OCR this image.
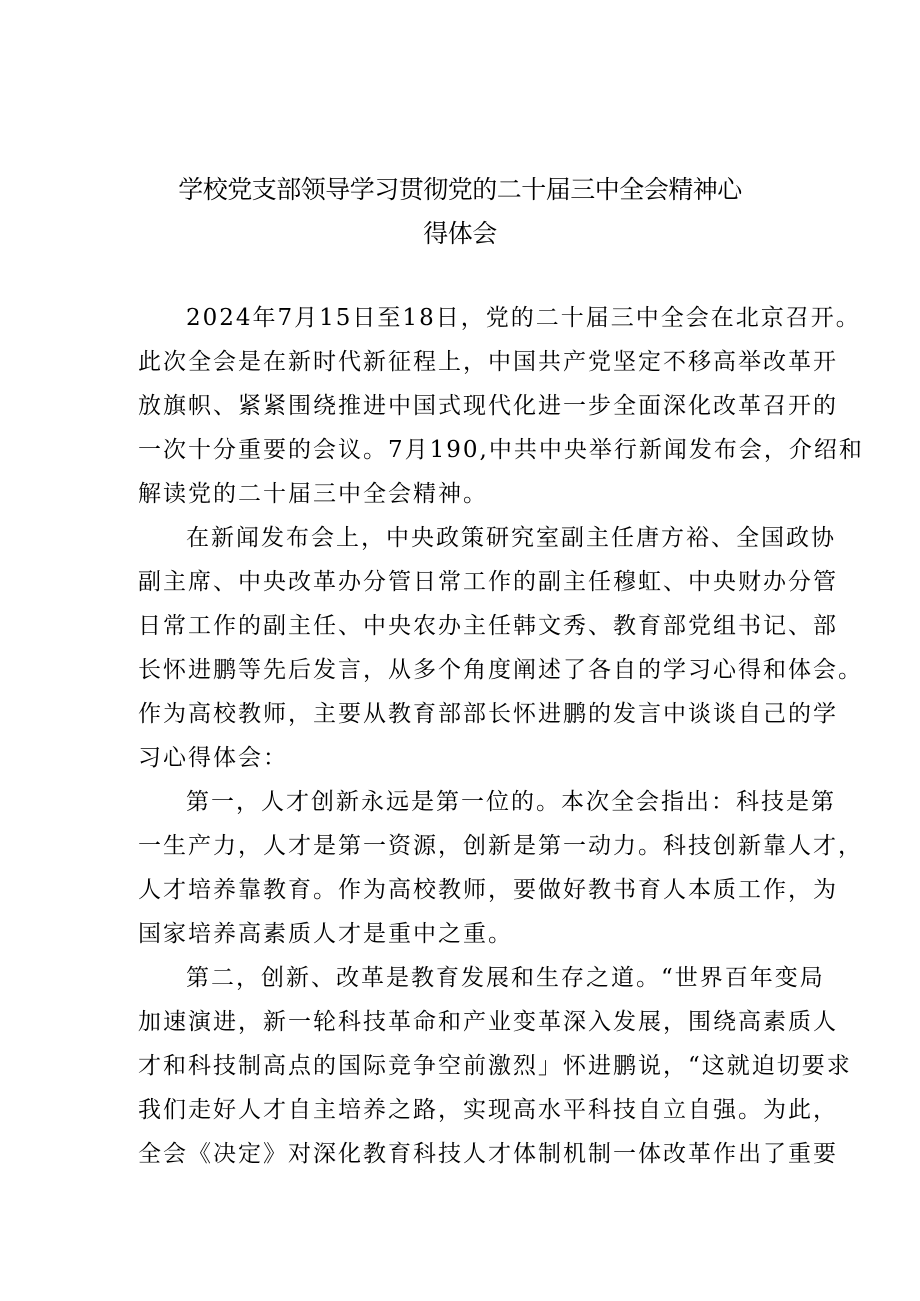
学校党支部领导学习贯彻党的二十届三中全会精神心
得体会
2024年7月15日至18日，党的二十届三中全会在北京召开。
此次全会是在新时代新征程上，中国共产党坚定不移高举改革开
放旗帜、紧紧围绕推进中国式现代化进一步全面深化改革召开的
一次十分重要的会议。7月190,中共中央举行新闻发布会，介绍和
解读党的二十届三中全会精神。
在新闻发布会上，中央政策研究室副主任唐方裕、全国政协
副主席、中央改革办分管日常工作的副主任穆虹、中央财办分管
日常工作的副主任、中央农办主任韩文秀、教育部党组书记、部
长怀进鹏等先后发言，从多个角度阐述了各自的学习心得和体会。
作为高校教师，主要从教育部部长怀进鹏的发言中谈谈自己的学
习心得体会：
第一，人才创新永远是第一位的。本次全会指出：科技是第
一生产力，人才是第一资源，创新是第一动力。科技创新靠人才，
人才培养靠教育。作为高校教师，要做好教书育人本质工作，为
国家培养高素质人才是重中之重。
第二，创新、改革是教育发展和生存之道。“世界百年变局
加速演进，新一轮科技革命和产业变革深入发展，围绕高素质人
才和科技制高点的国际竞争空前激烈」怀进鹏说，“这就迫切要求
我们走好人才自主培养之路，实现高水平科技自立自强。为此，
全会《决定》对深化教育科技人才体制机制一体改革作出了重要
